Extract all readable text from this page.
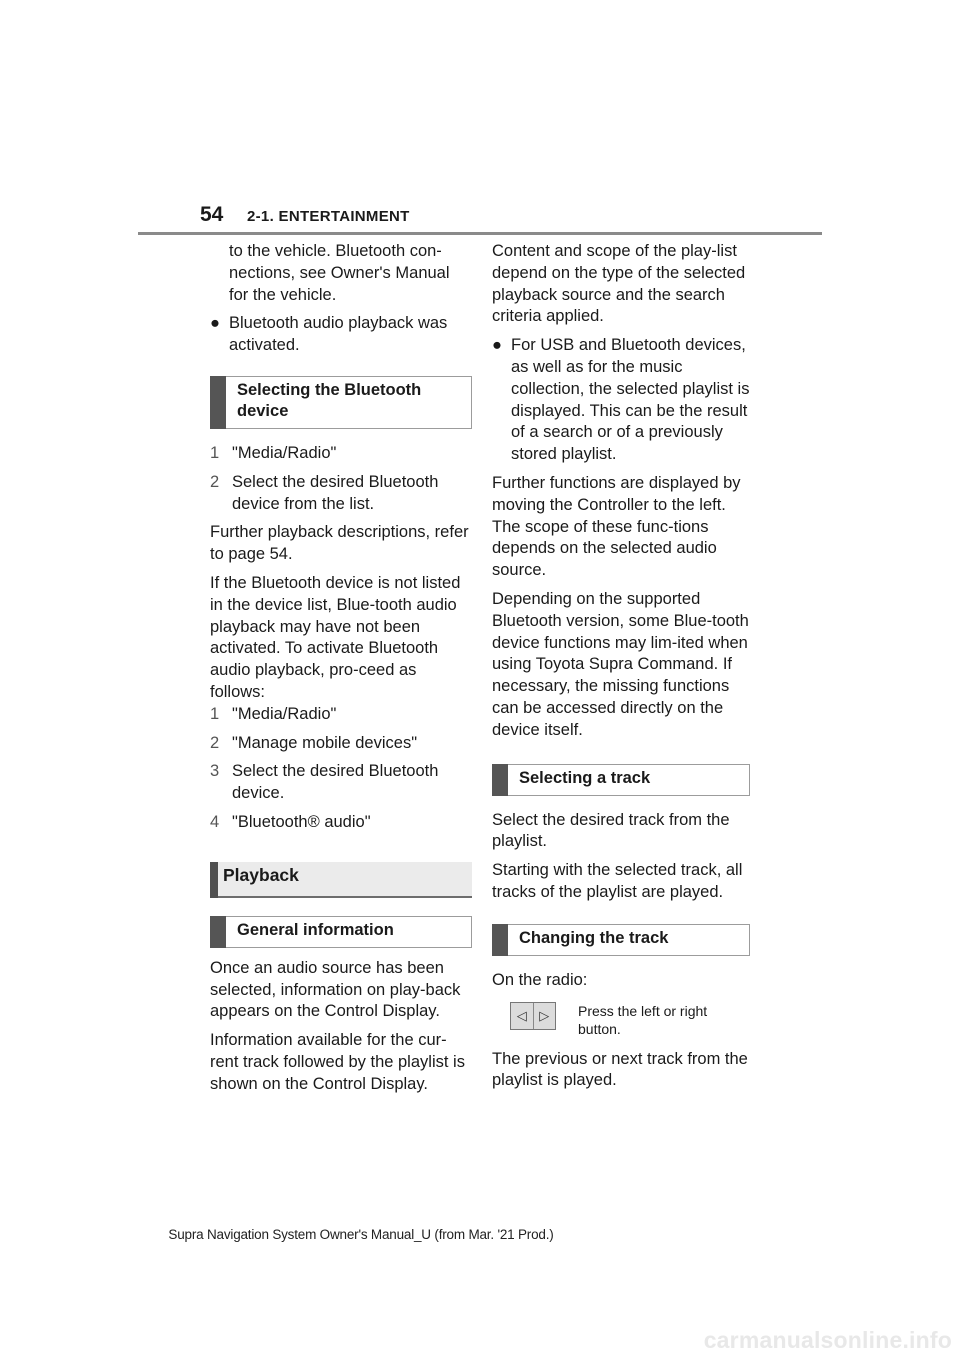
54 2-1. ENTERTAINMENT

to the vehicle. Bluetooth con-nections, see Owner's Manual for the vehicle.

● Bluetooth audio playback was activated.
Selecting the Bluetooth device
1 "Media/Radio"
2 Select the desired Bluetooth device from the list.

Further playback descriptions, refer to page 54.

If the Bluetooth device is not listed in the device list, Blue-tooth audio playback may have not been activated. To activate Bluetooth audio playback, pro-ceed as follows:

1 "Media/Radio"
2 "Manage mobile devices"
3 Select the desired Bluetooth device.
4 "Bluetooth® audio"
Playback
General information

Once an audio source has been selected, information on play-back appears on the Control Display.

Information available for the cur-rent track followed by the playlist is shown on the Control Display.

Content and scope of the play-list depend on the type of the selected playback source and the search criteria applied.

● For USB and Bluetooth devices, as well as for the music collection, the selected playlist is displayed. This can be the result of a search or of a previously stored playlist.

Further functions are displayed by moving the Controller to the left. The scope of these func-tions depends on the selected audio source.

Depending on the supported Bluetooth version, some Blue-tooth device functions may lim-ited when using Toyota Supra Command. If necessary, the missing functions can be accessed directly on the device itself.

Selecting a track

Select the desired track from the playlist.

Starting with the selected track, all tracks of the playlist are played.

Changing the track

On the radio:

◁ ▷	Press the left or right button.

The previous or next track from the playlist is played.

Supra Navigation System Owner's Manual_U (from Mar. '21 Prod.)
carmanualsonline.info
